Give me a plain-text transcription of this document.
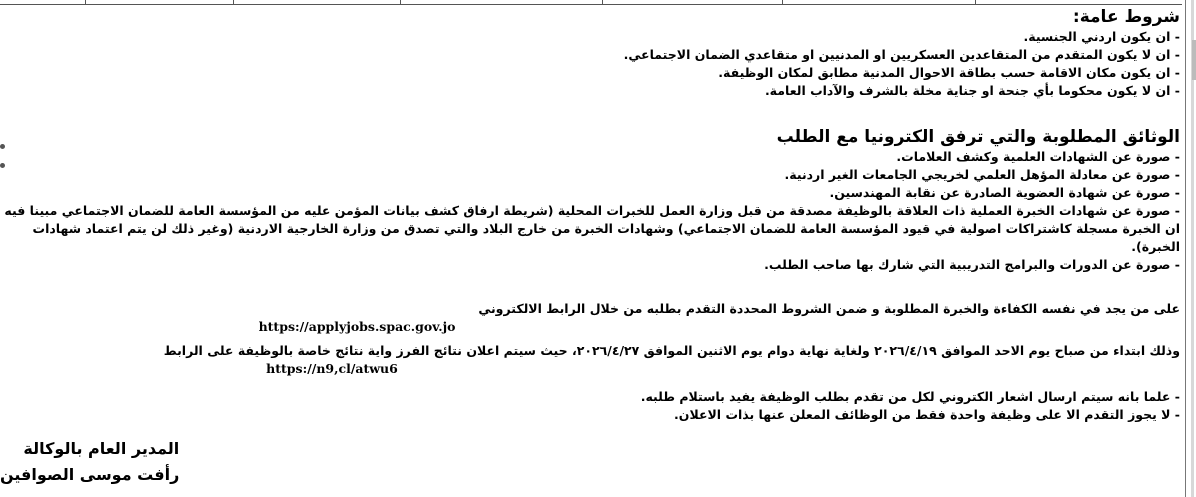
شروط عامة:

- ان يكون اردني الجنسية.

- ان لا يكون المتقدم من المتقاعدين العسكريين او المدنيين او متقاعدي الضمان الاجتماعي.

- ان يكون مكان الاقامة حسب بطاقة الاحوال المدنية مطابق لمكان الوظيفة.

- ان لا يكون محكوما بأي جنحة او جناية مخلة بالشرف والآداب العامة.

الوثائق المطلوبة والتي ترفق الكترونيا مع الطلب

- صورة عن الشهادات العلمية وكشف العلامات.

- صورة عن معادلة المؤهل العلمي لخريجي الجامعات الغير اردنية.

- صورة عن شهادة العضوية الصادرة عن نقابة المهندسين.

- صورة عن شهادات الخبرة العملية ذات العلاقة بالوظيفة مصدقة من قبل وزارة العمل للخبرات المحلية (شريطة ارفاق كشف بيانات المؤمن عليه من المؤسسة العامة للضمان الاجتماعي مبينا فيه ان الخبرة مسجلة كاشتراكات اصولية في قيود المؤسسة العامة للضمان الاجتماعي) وشهادات الخبرة من خارج البلاد والتي تصدق من وزارة الخارجية الاردنية (وغير ذلك لن يتم اعتماد شهادات الخبرة).

- صورة عن الدورات والبرامج التدريبية التي شارك بها صاحب الطلب.

على من يجد في نفسه الكفاءة والخبرة المطلوبة و ضمن الشروط المحددة التقدم بطلبه من خلال الرابط الالكتروني

https://applyjobs.spac.gov.jo

وذلك ابتداء من صباح يوم الاحد الموافق ٢٠٢٦/٤/١٩ ولغاية نهاية دوام يوم الاثنين الموافق ٢٠٢٦/٤/٢٧، حيث سيتم اعلان نتائج الفرز واية نتائج خاصة بالوظيفة على الرابط

https://n9,cl/atwu6

- علما بانه سيتم ارسال اشعار الكتروني لكل من تقدم بطلب الوظيفة يفيد باستلام طلبه.

- لا يجوز التقدم الا على وظيفة واحدة فقط من الوظائف المعلن عنها بذات الاعلان.

المدير العام بالوكالة

رأفت موسى الصوافين
